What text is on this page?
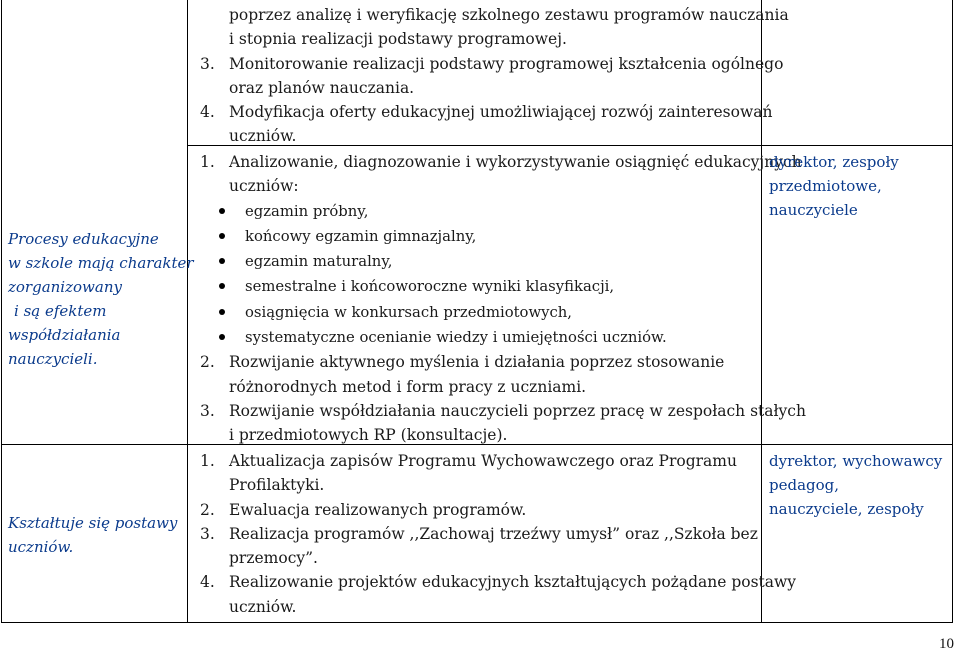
Procesy edukacyjne
w szkole mają charakter
zorganizowany
i są efektem
współdziałania
nauczycieli.
Kształtuje się postawy
uczniów.
poprzez analizę i weryfikację szkolnego zestawu programów nauczania
i stopnia realizacji podstawy programowej.
3. Monitorowanie realizacji podstawy programowej kształcenia ogólnego
oraz planów nauczania.
4. Modyfikacja oferty edukacyjnej umożliwiającej rozwój zainteresowań
uczniów.
1. Analizowanie, diagnozowanie i wykorzystywanie osiągnięć edukacyjnych
uczniów:
egzamin próbny,
końcowy egzamin gimnazjalny,
egzamin maturalny,
semestralne i końcoworoczne wyniki klasyfikacji,
osiągnięcia w konkursach przedmiotowych,
systematyczne ocenianie wiedzy i umiejętności uczniów.
2. Rozwijanie aktywnego myślenia i działania poprzez stosowanie
różnorodnych metod i form pracy z uczniami.
3. Rozwijanie współdziałania nauczycieli poprzez pracę w zespołach stałych
i przedmiotowych RP (konsultacje).
1. Aktualizacja zapisów Programu Wychowawczego oraz Programu
Profilaktyki.
2. Ewaluacja realizowanych programów.
3. Realizacja programów ,,Zachowaj trzeźwy umysł” oraz ,,Szkoła bez
przemocy”.
4. Realizowanie projektów edukacyjnych kształtujących pożądane postawy
uczniów.
dyrektor, zespoły
przedmiotowe,
nauczyciele
dyrektor, wychowawcy
pedagog,
nauczyciele, zespoły
10
